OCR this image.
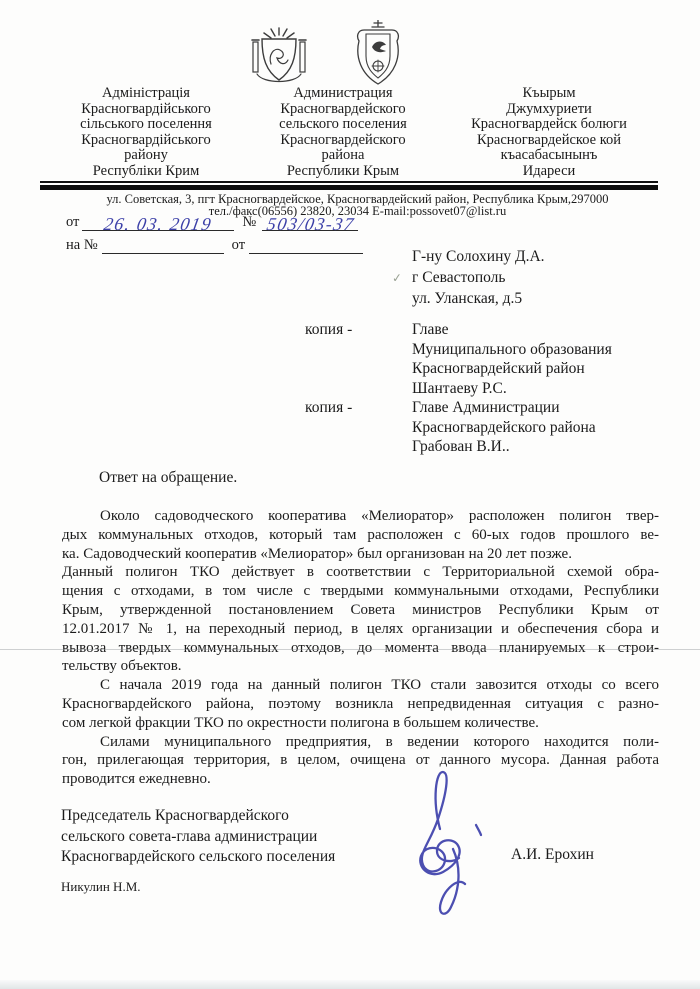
Адміністрація
Красногвардійського
сільського поселення
Красногвардійського
району
Республіки Крим
Администрация
Красногвардейского
сельского поселения
Красногвардейского
района
Республики Крым
Къырым
Джумхуриети
Красногвардейск болюги
Красногвардейское кой
къасабасынынъ
Идареси
ул. Советская, 3, пгт Красногвардейское, Красногвардейский район, Республика Крым,297000
тел./факс(06556) 23820, 23034 E-mail:possovet07@list.ru
от 26. 03. 2019 № 503/03-37
на №	от
✓
Г-ну Солохину Д.А.
г Севастополь
ул. Уланская, д.5
копия -	Главе
Муниципального образования
Красногвардейский район
Шантаеву Р.С.
копия -	Главе Администрации
Красногвардейского района
Грабован В.И..
Ответ на обращение.
Около садоводческого кооператива «Мелиоратор» расположен полигон твер-
дых коммунальных отходов, который там расположен с 60-ых годов прошлого ве-
ка. Садоводческий кооператив «Мелиоратор» был организован на 20 лет позже.
Данный полигон ТКО действует в соответствии с Территориальной схемой обра-
щения с отходами, в том числе с твердыми коммунальными отходами, Республики
Крым, утвержденной постановлением Совета министров Республики Крым от
12.01.2017 № 1, на переходный период, в целях организации и обеспечения сбора и
вывоза твердых коммунальных отходов, до момента ввода планируемых к строи-
тельству объектов.
С начала 2019 года на данный полигон ТКО стали завозится отходы со всего
Красногвардейского района, поэтому возникла непредвиденная ситуация с разно-
сом легкой фракции ТКО по окрестности полигона в большем количестве.
Силами муниципального предприятия, в ведении которого находится поли-
гон, прилегающая территория, в целом, очищена от данного мусора. Данная работа
проводится ежедневно.
Председатель Красногвардейского
сельского совета-глава администрации
Красногвардейского сельского поселения	А.И. Ерохин
Никулин Н.М.
